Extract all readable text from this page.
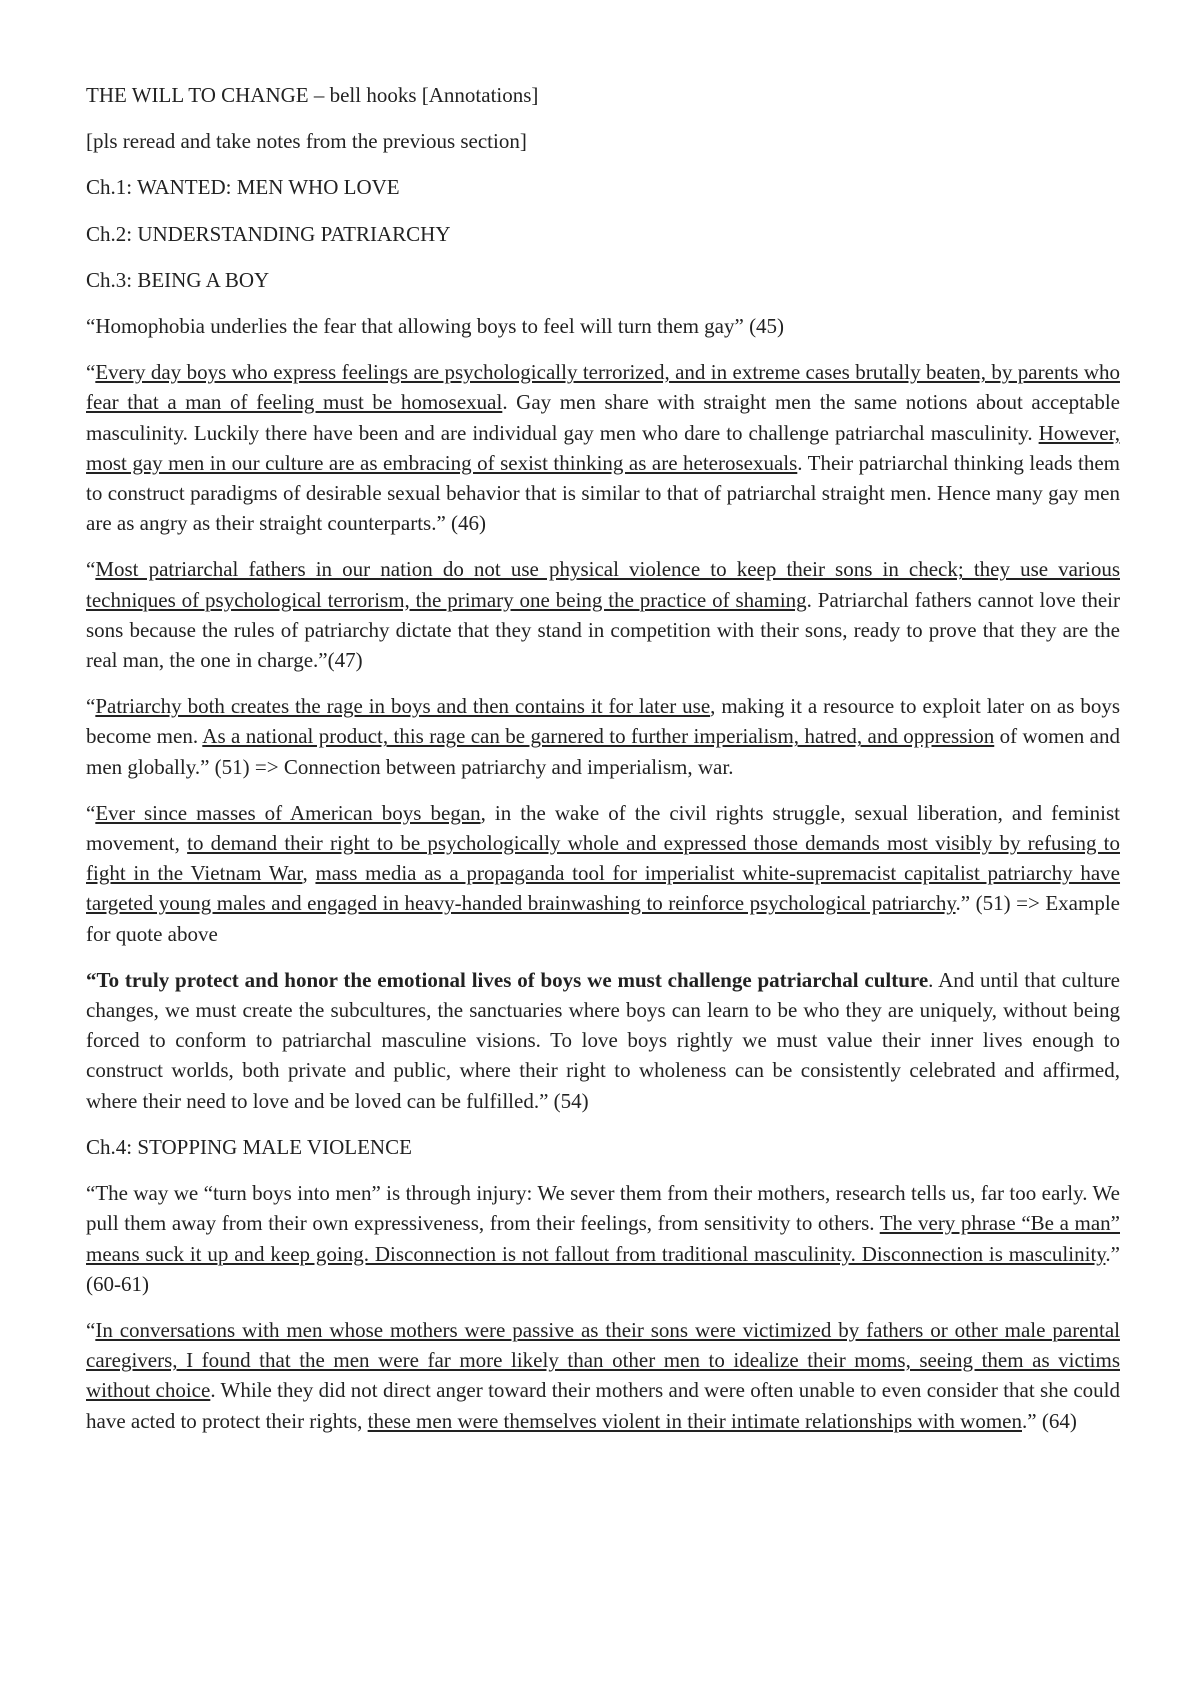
THE WILL TO CHANGE – bell hooks [Annotations]

[pls reread and take notes from the previous section]

Ch.1: WANTED: MEN WHO LOVE

Ch.2: UNDERSTANDING PATRIARCHY

Ch.3: BEING A BOY

“Homophobia underlies the fear that allowing boys to feel will turn them gay” (45)

“Every day boys who express feelings are psychologically terrorized, and in extreme cases brutally beaten, by parents who fear that a man of feeling must be homosexual. Gay men share with straight men the same notions about acceptable masculinity. Luckily there have been and are individual gay men who dare to challenge patriarchal masculinity. However, most gay men in our culture are as embracing of sexist thinking as are heterosexuals. Their patriarchal thinking leads them to construct paradigms of desirable sexual behavior that is similar to that of patriarchal straight men. Hence many gay men are as angry as their straight counterparts.” (46)

“Most patriarchal fathers in our nation do not use physical violence to keep their sons in check; they use various techniques of psychological terrorism, the primary one being the practice of shaming. Patriarchal fathers cannot love their sons because the rules of patriarchy dictate that they stand in competition with their sons, ready to prove that they are the real man, the one in charge.”(47)

“Patriarchy both creates the rage in boys and then contains it for later use, making it a resource to exploit later on as boys become men. As a national product, this rage can be garnered to further imperialism, hatred, and oppression of women and men globally.” (51) => Connection between patriarchy and imperialism, war.

“Ever since masses of American boys began, in the wake of the civil rights struggle, sexual liberation, and feminist movement, to demand their right to be psychologically whole and expressed those demands most visibly by refusing to fight in the Vietnam War, mass media as a propaganda tool for imperialist white-supremacist capitalist patriarchy have targeted young males and engaged in heavy-handed brainwashing to reinforce psychological patriarchy.” (51) => Example for quote above

“To truly protect and honor the emotional lives of boys we must challenge patriarchal culture. And until that culture changes, we must create the subcultures, the sanctuaries where boys can learn to be who they are uniquely, without being forced to conform to patriarchal masculine visions. To love boys rightly we must value their inner lives enough to construct worlds, both private and public, where their right to wholeness can be consistently celebrated and affirmed, where their need to love and be loved can be fulfilled.” (54)

Ch.4: STOPPING MALE VIOLENCE

“The way we “turn boys into men” is through injury: We sever them from their mothers, research tells us, far too early. We pull them away from their own expressiveness, from their feelings, from sensitivity to others. The very phrase “Be a man” means suck it up and keep going. Disconnection is not fallout from traditional masculinity. Disconnection is masculinity.” (60-61)

“In conversations with men whose mothers were passive as their sons were victimized by fathers or other male parental caregivers, I found that the men were far more likely than other men to idealize their moms, seeing them as victims without choice. While they did not direct anger toward their mothers and were often unable to even consider that she could have acted to protect their rights, these men were themselves violent in their intimate relationships with women.” (64)
